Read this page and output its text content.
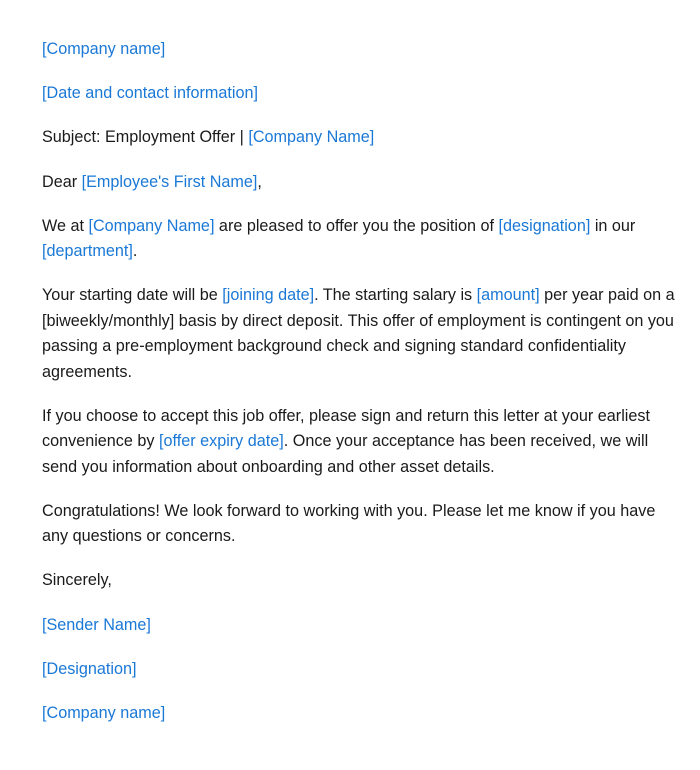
[Company name]

[Date and contact information]

Subject: Employment Offer | [Company Name]

Dear [Employee's First Name],

We at [Company Name] are pleased to offer you the position of [designation] in our [department].

Your starting date will be [joining date]. The starting salary is [amount] per year paid on a [biweekly/monthly] basis by direct deposit. This offer of employment is contingent on you passing a pre-employment background check and signing standard confidentiality agreements.

If you choose to accept this job offer, please sign and return this letter at your earliest convenience by [offer expiry date]. Once your acceptance has been received, we will send you information about onboarding and other asset details.

Congratulations! We look forward to working with you. Please let me know if you have any questions or concerns.

Sincerely,

[Sender Name]

[Designation]

[Company name]
